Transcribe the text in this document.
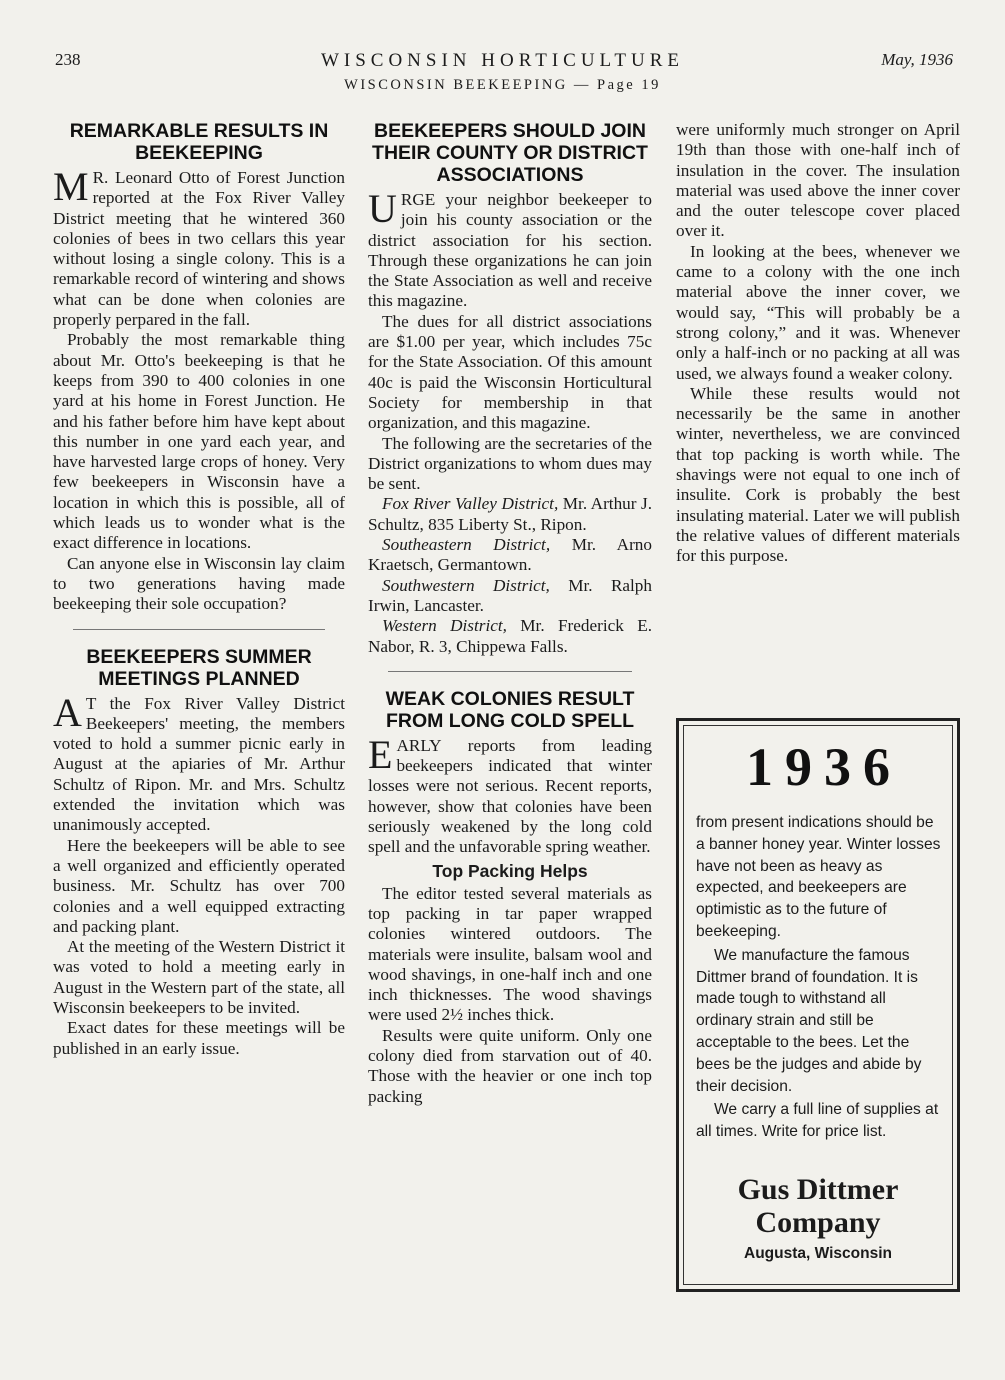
238	WISCONSIN HORTICULTURE	May, 1936
WISCONSIN BEEKEEPING — Page 19
REMARKABLE RESULTS IN BEEKEEPING

M R. Leonard Otto of Forest Junction reported at the Fox River Valley District meeting that he wintered 360 colonies of bees in two cellars this year without losing a single colony. This is a remarkable record of wintering and shows what can be done when colonies are properly perpared in the fall.

Probably the most remarkable thing about Mr. Otto's beekeeping is that he keeps from 390 to 400 colonies in one yard at his home in Forest Junction. He and his father before him have kept about this number in one yard each year, and have harvested large crops of honey. Very few beekeepers in Wisconsin have a location in which this is possible, all of which leads us to wonder what is the exact difference in locations.

Can anyone else in Wisconsin lay claim to two generations having made beekeeping their sole occupation?

BEEKEEPERS SUMMER MEETINGS PLANNED

A T the Fox River Valley District Beekeepers' meeting, the members voted to hold a summer picnic early in August at the apiaries of Mr. Arthur Schultz of Ripon. Mr. and Mrs. Schultz extended the invitation which was unanimously accepted.

Here the beekeepers will be able to see a well organized and efficiently operated business. Mr. Schultz has over 700 colonies and a well equipped extracting and packing plant.

At the meeting of the Western District it was voted to hold a meeting early in August in the Western part of the state, all Wisconsin beekeepers to be invited.

Exact dates for these meetings will be published in an early issue.

BEEKEEPERS SHOULD JOIN THEIR COUNTY OR DISTRICT ASSOCIATIONS

URGE your neighbor beekeeper to join his county association or the district association for his section. Through these organizations he can join the State Association as well and receive this magazine.

The dues for all district associations are $1.00 per year, which includes 75c for the State Association. Of this amount 40c is paid the Wisconsin Horticultural Society for membership in that organization, and this magazine.

The following are the secretaries of the District organizations to whom dues may be sent.

Fox River Valley District, Mr. Arthur J. Schultz, 835 Liberty St., Ripon.

Southeastern District, Mr. Arno Kraetsch, Germantown.

Southwestern District, Mr. Ralph Irwin, Lancaster.

Western District, Mr. Frederick E. Nabor, R. 3, Chippewa Falls.

WEAK COLONIES RESULT FROM LONG COLD SPELL

EARLY reports from leading beekeepers indicated that winter losses were not serious. Recent reports, however, show that colonies have been seriously weakened by the long cold spell and the unfavorable spring weather.

Top Packing Helps

The editor tested several materials as top packing in tar paper wrapped colonies wintered outdoors. The materials were insulite, balsam wool and wood shavings, in one-half inch and one inch thicknesses. The wood shavings were used 2½ inches thick.

Results were quite uniform. Only one colony died from starvation out of 40. Those with the heavier or one inch top packing

were uniformly much stronger on April 19th than those with one-half inch of insulation in the cover. The insulation material was used above the inner cover and the outer telescope cover placed over it.

In looking at the bees, whenever we came to a colony with the one inch material above the inner cover, we would say, “This will probably be a strong colony,” and it was. Whenever only a half-inch or no packing at all was used, we always found a weaker colony.

While these results would not necessarily be the same in another winter, nevertheless, we are convinced that top packing is worth while. The shavings were not equal to one inch of insulite. Cork is probably the best insulating material. Later we will publish the relative values of different materials for this purpose.

1936

from present indications should be a banner honey year. Winter losses have not been as heavy as expected, and beekeepers are optimistic as to the future of beekeeping.

We manufacture the famous Dittmer brand of foundation. It is made tough to withstand all ordinary strain and still be acceptable to the bees. Let the bees be the judges and abide by their decision.

We carry a full line of supplies at all times. Write for price list.

Gus Dittmer Company
Augusta, Wisconsin
